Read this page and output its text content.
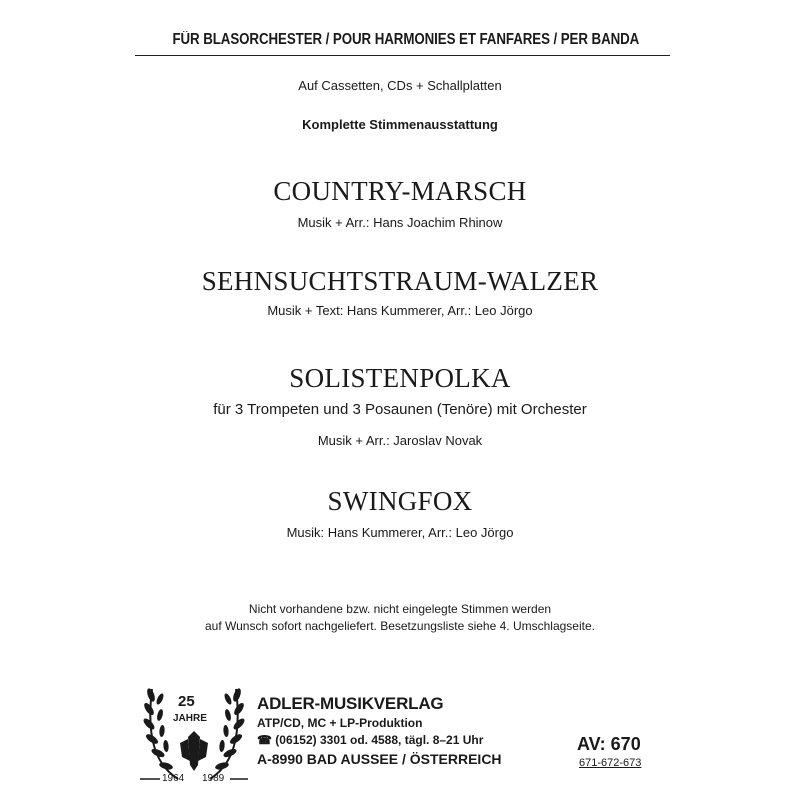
FÜR BLASORCHESTER / POUR HARMONIES ET FANFARES / PER BANDA
Auf Cassetten, CDs + Schallplatten
Komplette Stimmenausstattung
COUNTRY-MARSCH
Musik + Arr.: Hans Joachim Rhinow
SEHNSUCHTSTRAUM-WALZER
Musik + Text: Hans Kummerer, Arr.: Leo Jörgo
SOLISTENPOLKA
für 3 Trompeten und 3 Posaunen (Tenöre) mit Orchester
Musik + Arr.: Jaroslav Novak
SWINGFOX
Musik: Hans Kummerer, Arr.: Leo Jörgo
Nicht vorhandene bzw. nicht eingelegte Stimmen werden
auf Wunsch sofort nachgeliefert. Besetzungsliste siehe 4. Umschlagseite.
25
JAHRE
1964 1989
ADLER-MUSIKVERLAG
ATP/CD, MC + LP-Produktion
☎ (06152) 3301 od. 4588, tägl. 8–21 Uhr
A-8990 BAD AUSSEE / ÖSTERREICH
AV: 670
671-672-673
